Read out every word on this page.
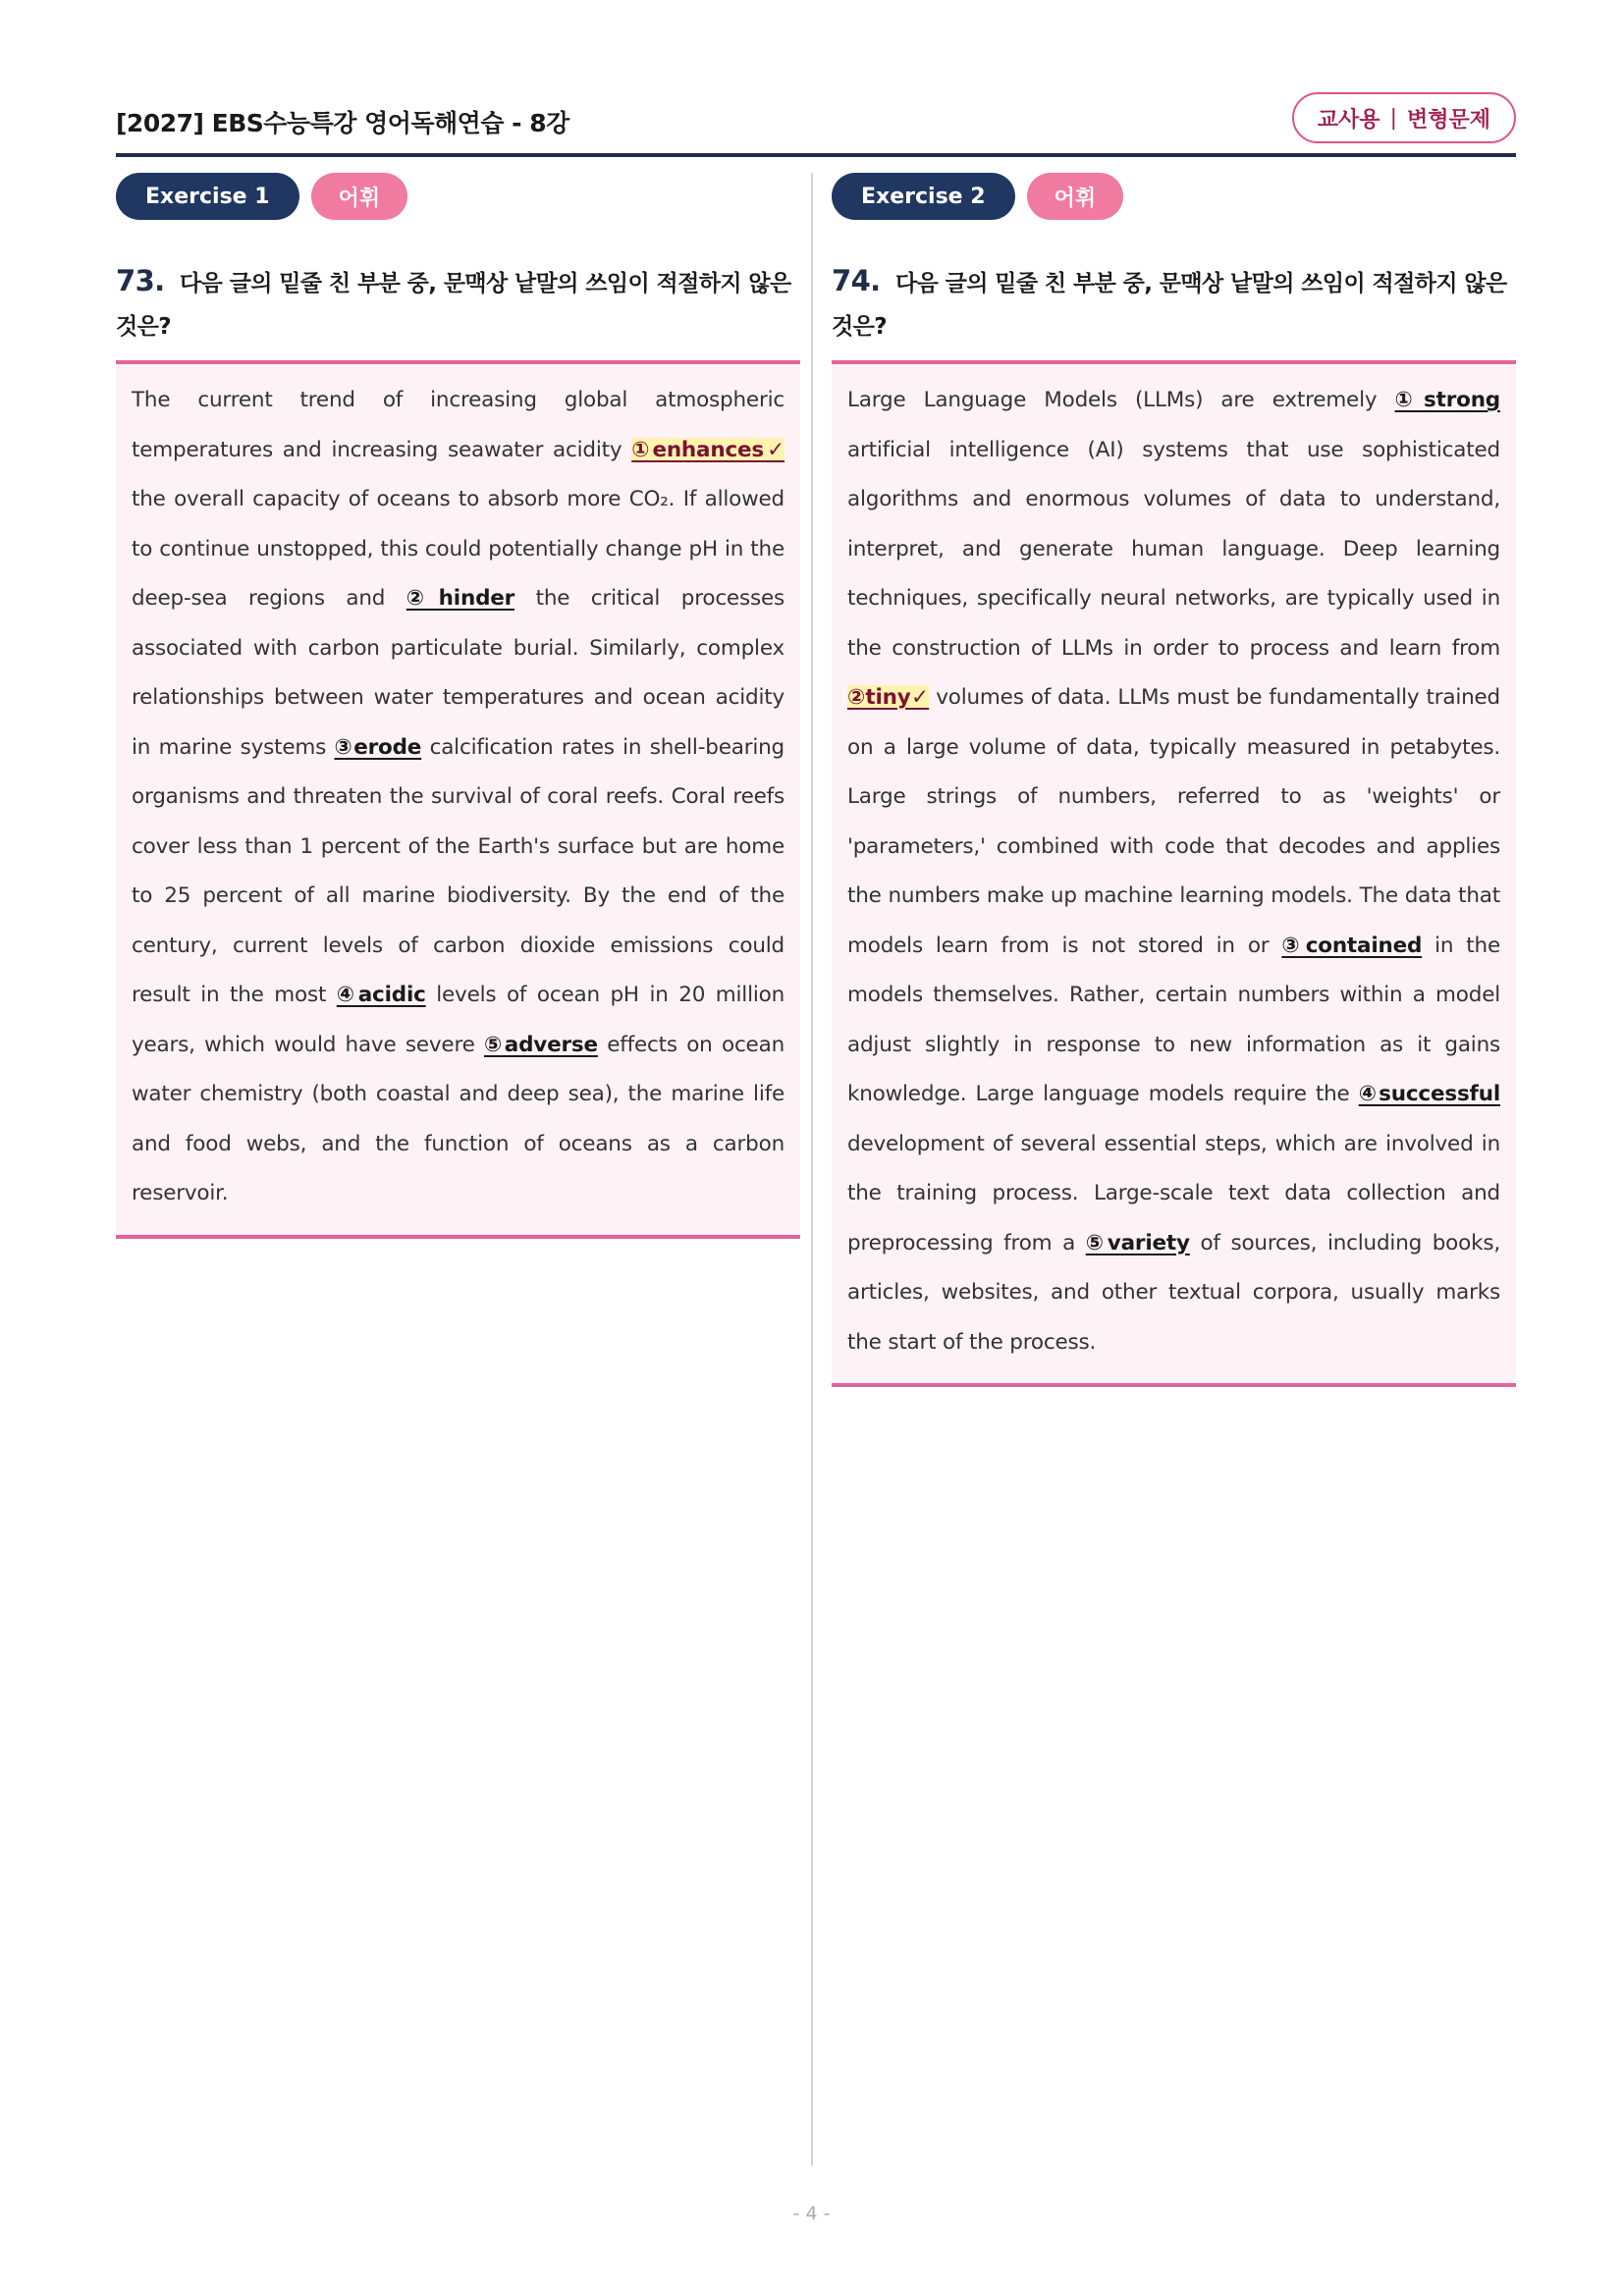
[2027] EBS수능특강 영어독해연습 - 8강	교사용 | 변형문제
Exercise 1	어휘
73. 다음 글의 밑줄 친 부분 중, 문맥상 낱말의 쓰임이 적절하지 않은 것은?
The current trend of increasing global atmospheric temperatures and increasing seawater acidity ①enhances✓ the overall capacity of oceans to absorb more CO₂. If allowed to continue unstopped, this could potentially change pH in the deep-sea regions and ②hinder the critical processes associated with carbon particulate burial. Similarly, complex relationships between water temperatures and ocean acidity in marine systems ③erode calcification rates in shell-bearing organisms and threaten the survival of coral reefs. Coral reefs cover less than 1 percent of the Earth's surface but are home to 25 percent of all marine biodiversity. By the end of the century, current levels of carbon dioxide emissions could result in the most ④acidic levels of ocean pH in 20 million years, which would have severe ⑤adverse effects on ocean water chemistry (both coastal and deep sea), the marine life and food webs, and the function of oceans as a carbon reservoir.
Exercise 2	어휘
74. 다음 글의 밑줄 친 부분 중, 문맥상 낱말의 쓰임이 적절하지 않은 것은?
Large Language Models (LLMs) are extremely ①strong artificial intelligence (AI) systems that use sophisticated algorithms and enormous volumes of data to understand, interpret, and generate human language. Deep learning techniques, specifically neural networks, are typically used in the construction of LLMs in order to process and learn from ②tiny✓ volumes of data. LLMs must be fundamentally trained on a large volume of data, typically measured in petabytes. Large strings of numbers, referred to as 'weights' or 'parameters,' combined with code that decodes and applies the numbers make up machine learning models. The data that models learn from is not stored in or ③contained in the models themselves. Rather, certain numbers within a model adjust slightly in response to new information as it gains knowledge. Large language models require the ④successful development of several essential steps, which are involved in the training process. Large-scale text data collection and preprocessing from a ⑤variety of sources, including books, articles, websites, and other textual corpora, usually marks the start of the process.
- 4 -
